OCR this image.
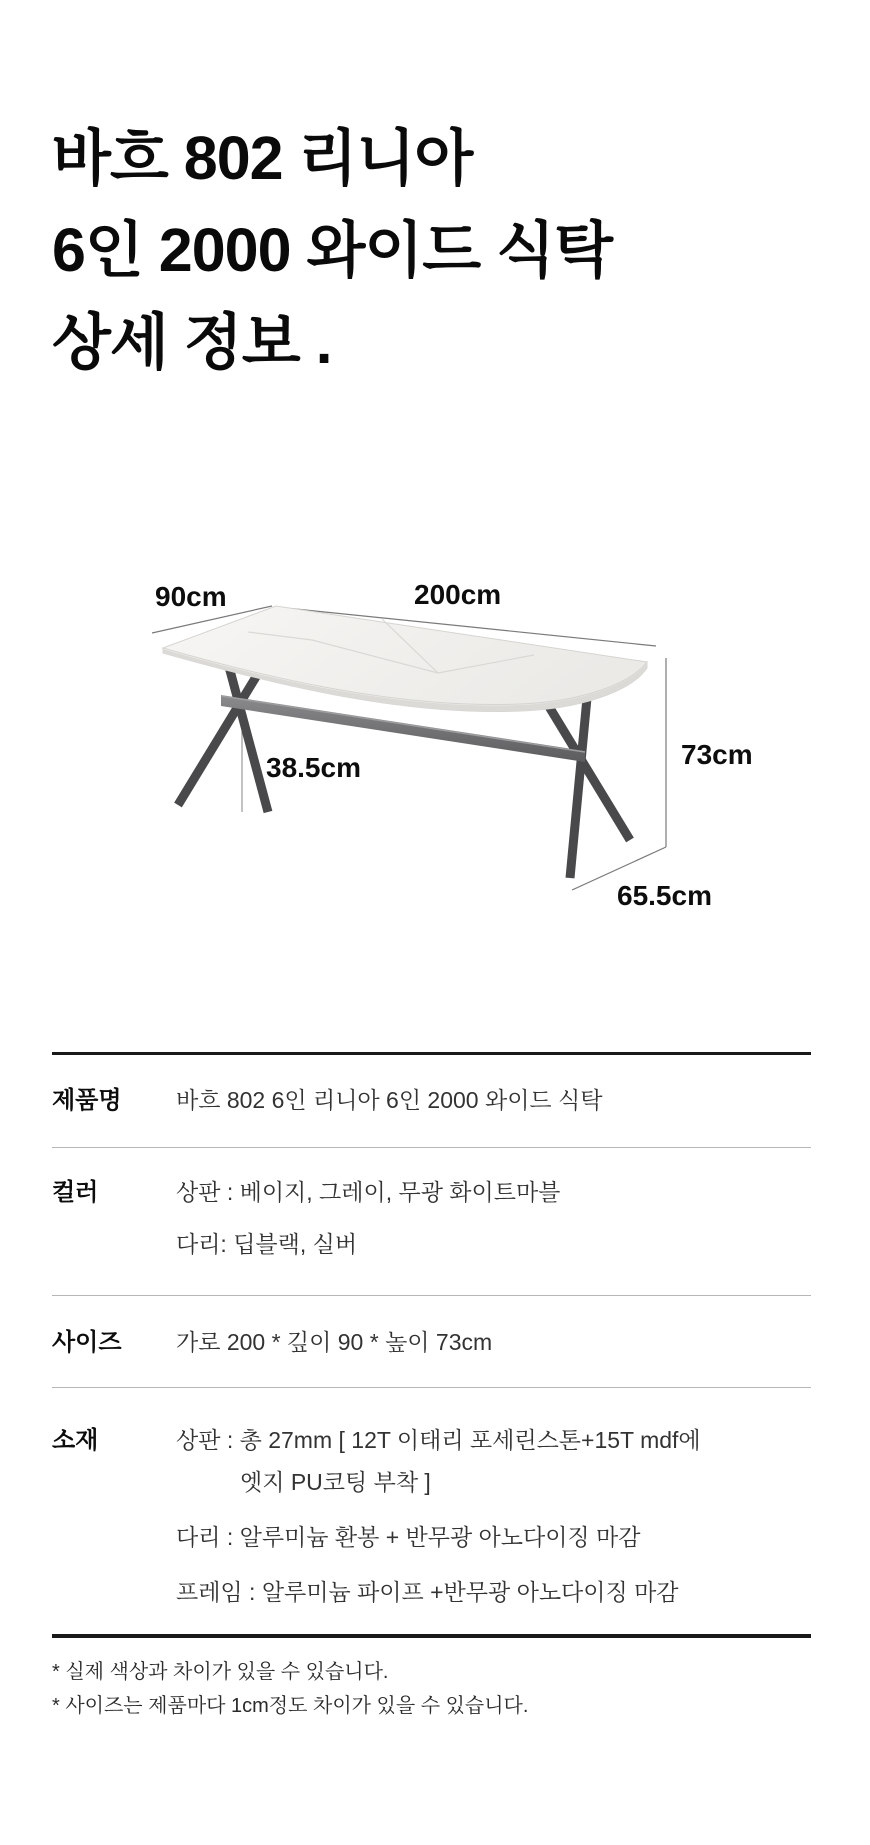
바흐 802 리니아
6인 2000 와이드 식탁
상세 정보 .
90cm	200cm
73cm
38.5cm
65.5cm
제품명	바흐 802 6인 리니아 6인 2000 와이드 식탁
컬러	상판 : 베이지, 그레이, 무광 화이트마블
다리: 딥블랙, 실버
사이즈	가로 200 * 깊이 90 * 높이 73cm
소재	상판 : 총 27mm [ 12T 이태리 포세린스톤+15T mdf에
엣지 PU코팅 부착 ]
다리 : 알루미늄 환봉 + 반무광 아노다이징 마감
프레임 : 알루미늄 파이프 +반무광 아노다이징 마감
* 실제 색상과 차이가 있을 수 있습니다.
* 사이즈는 제품마다 1cm정도 차이가 있을 수 있습니다.
